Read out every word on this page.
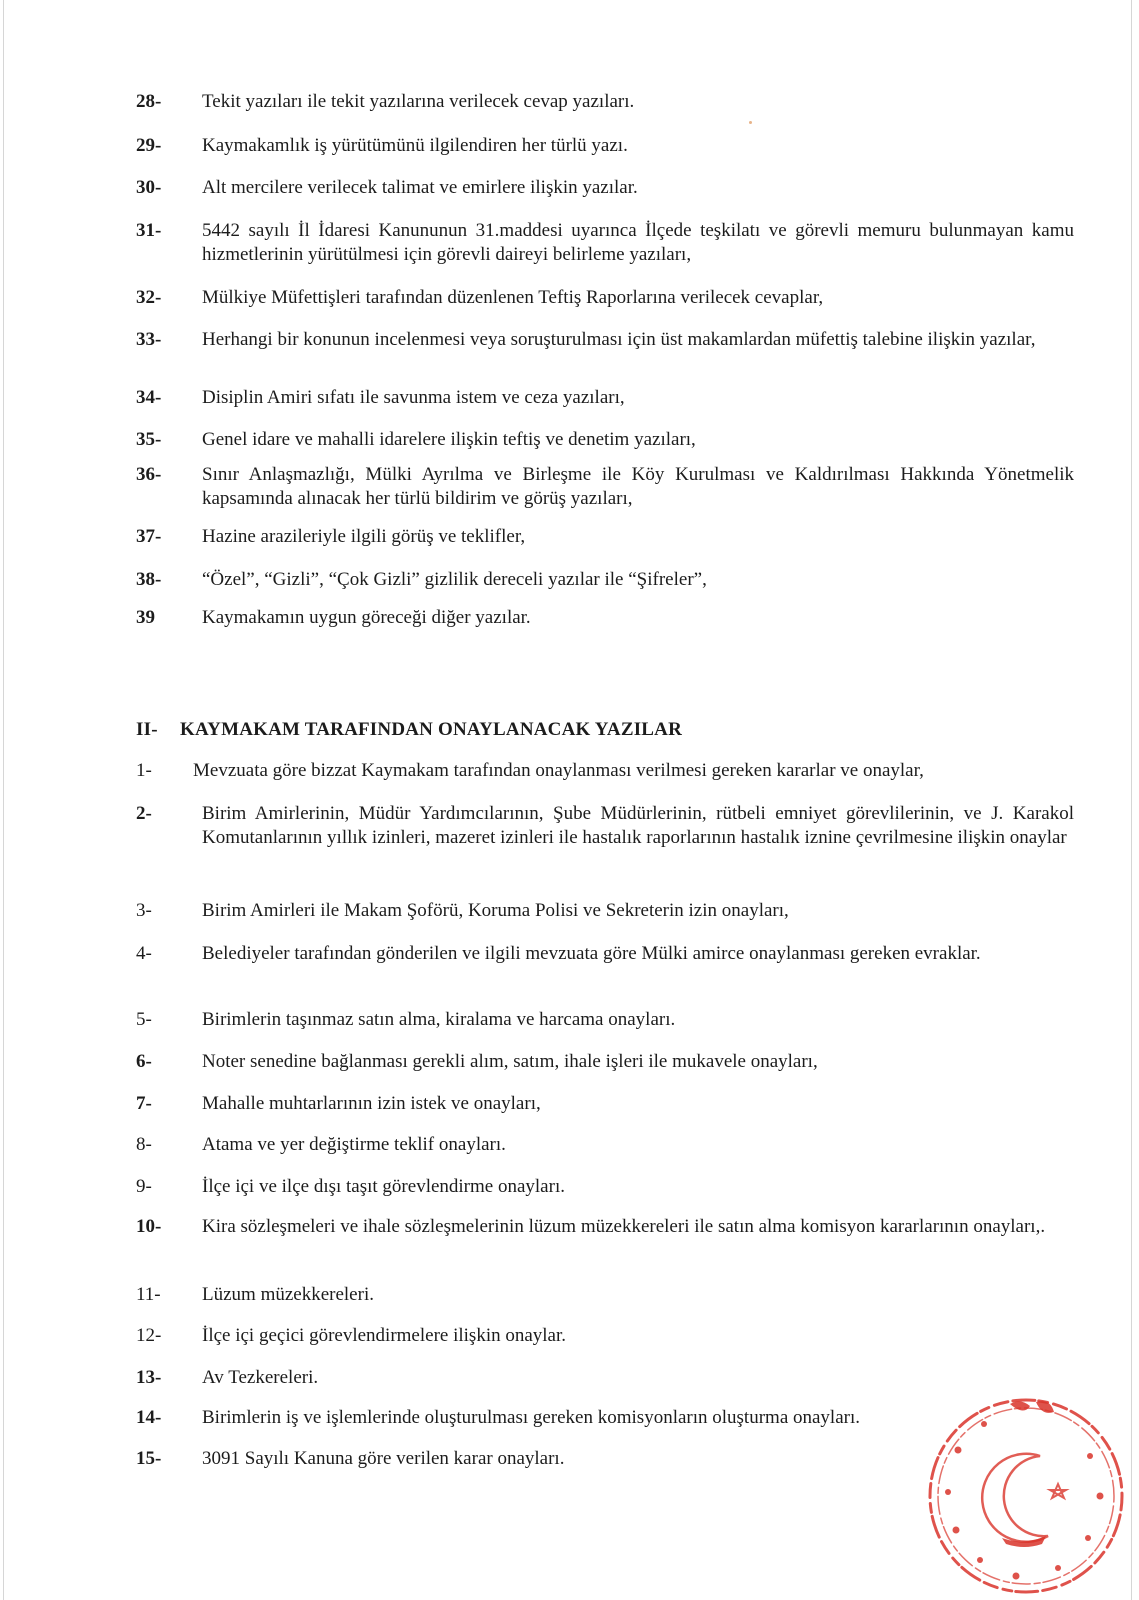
28- Tekit yazıları ile tekit yazılarına verilecek cevap yazıları.
29- Kaymakamlık iş yürütümünü ilgilendiren her türlü yazı.
30- Alt mercilere verilecek talimat ve emirlere ilişkin yazılar.
31- 5442 sayılı İl İdaresi Kanununun 31.maddesi uyarınca İlçede teşkilatı ve görevli memuru bulunmayan kamu hizmetlerinin yürütülmesi için görevli daireyi belirleme yazıları,
32- Mülkiye Müfettişleri tarafından düzenlenen Teftiş Raporlarına verilecek cevaplar,
33- Herhangi bir konunun incelenmesi veya soruşturulması için üst makamlardan müfettiş talebine ilişkin yazılar,
34- Disiplin Amiri sıfatı ile savunma istem ve ceza yazıları,
35- Genel idare ve mahalli idarelere ilişkin teftiş ve denetim yazıları,
36- Sınır Anlaşmazlığı, Mülki Ayrılma ve Birleşme ile Köy Kurulması ve Kaldırılması Hakkında Yönetmelik kapsamında alınacak her türlü bildirim ve görüş yazıları,
37- Hazine arazileriyle ilgili görüş ve teklifler,
38- “Özel”, “Gizli”, “Çok Gizli” gizlilik dereceli yazılar ile “Şifreler”,
39 Kaymakamın uygun göreceği diğer yazılar.
II- KAYMAKAM TARAFINDAN ONAYLANACAK YAZILAR
1- Mevzuata göre bizzat Kaymakam tarafından onaylanması verilmesi gereken kararlar ve onaylar,
2-	Birim Amirlerinin, Müdür Yardımcılarının, Şube Müdürlerinin, rütbeli emniyet görevlilerinin, ve J. Karakol Komutanlarının yıllık izinleri, mazeret izinleri ile hastalık raporlarının hastalık iznine çevrilmesine ilişkin onaylar
3-	Birim Amirleri ile Makam Şoförü, Koruma Polisi ve Sekreterin izin onayları,
4-	Belediyeler tarafından gönderilen ve ilgili mevzuata göre Mülki amirce onaylanması gereken evraklar.
5-	Birimlerin taşınmaz satın alma, kiralama ve harcama onayları.
6-	Noter senedine bağlanması gerekli alım, satım, ihale işleri ile mukavele onayları,
7-	Mahalle muhtarlarının izin istek ve onayları,
8-	Atama ve yer değiştirme teklif onayları.
9-	İlçe içi ve ilçe dışı taşıt görevlendirme onayları.
10- Kira sözleşmeleri ve ihale sözleşmelerinin lüzum müzekkereleri ile satın alma komisyon kararlarının onayları,.
11- Lüzum müzekkereleri.
12- İlçe içi geçici görevlendirmelere ilişkin onaylar.
13- Av Tezkereleri.
14- Birimlerin iş ve işlemlerinde oluşturulması gereken komisyonların oluşturma onayları.
15- 3091 Sayılı Kanuna göre verilen karar onayları.
